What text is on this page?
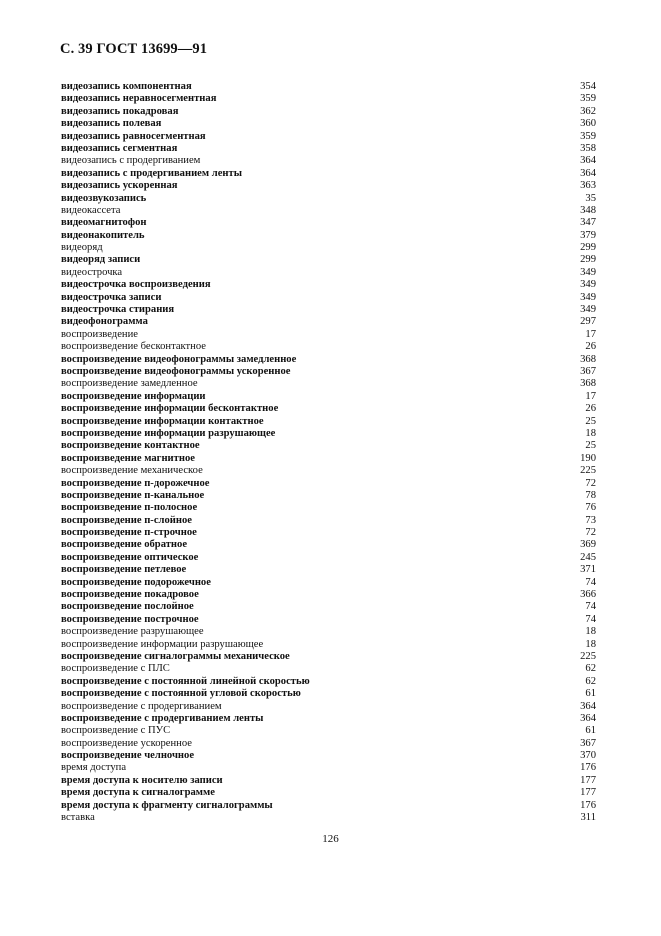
С. 39 ГОСТ 13699—91
видеозапись компонентная	354
видеозапись неравносегментная	359
видеозапись покадровая	362
видеозапись полевая	360
видеозапись равносегментная	359
видеозапись сегментная	358
видеозапись с продергиванием	364
видеозапись с продергиванием ленты	364
видеозапись ускоренная	363
видеозвукозапись	35
видеокассета	348
видеомагнитофон	347
видеонакопитель	379
видеоряд	299
видеоряд записи	299
видеострочка	349
видеострочка воспроизведения	349
видеострочка записи	349
видеострочка стирания	349
видеофонограмма	297
воспроизведение	17
воспроизведение бесконтактное	26
воспроизведение видеофонограммы замедленное	368
воспроизведение видеофонограммы ускоренное	367
воспроизведение замедленное	368
воспроизведение информации	17
воспроизведение информации бесконтактное	26
воспроизведение информации контактное	25
воспроизведение информации разрушающее	18
воспроизведение контактное	25
воспроизведение магнитное	190
воспроизведение механическое	225
воспроизведение п-дорожечное	72
воспроизведение п-канальное	78
воспроизведение п-полосное	76
воспроизведение п-слойное	73
воспроизведение п-строчное	72
воспроизведение обратное	369
воспроизведение оптическое	245
воспроизведение петлевое	371
воспроизведение подорожечное	74
воспроизведение покадровое	366
воспроизведение послойное	74
воспроизведение построчное	74
воспроизведение разрушающее	18
воспроизведение информации разрушающее	18
воспроизведение сигналограммы механическое	225
воспроизведение с ПЛС	62
воспроизведение с постоянной линейной скоростью	62
воспроизведение с постоянной угловой скоростью	61
воспроизведение с продергиванием	364
воспроизведение с продергиванием ленты	364
воспроизведение с ПУС	61
воспроизведение ускоренное	367
воспроизведение челночное	370
время доступа	176
время доступа к носителю записи	177
время доступа к сигналограмме	177
время доступа к фрагменту сигналограммы	176
вставка	311
126
